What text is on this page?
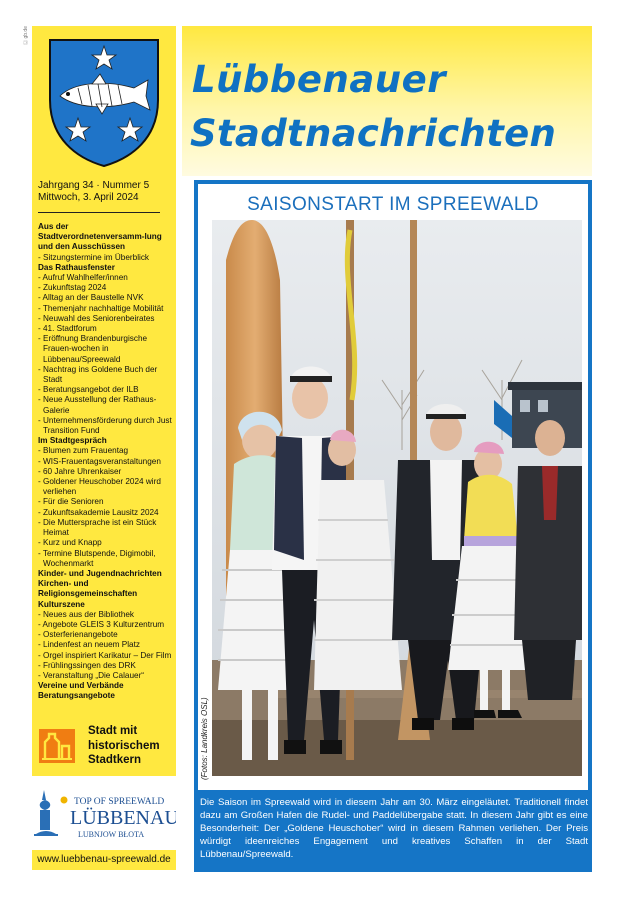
Ⓒ gb.de
Jahrgang 34 · Nummer 5
Mittwoch, 3. April 2024
Aus der Stadtverordnetenversamm-lung und den Ausschüssen
- Sitzungstermine im Überblick
Das Rathausfenster
- Aufruf Wahlhelfer/innen
- Zukunftstag 2024
- Alltag an der Baustelle NVK
- Themenjahr nachhaltige Mobilität
- Neuwahl des Seniorenbeirates
- 41. Stadtforum
- Eröffnung Brandenburgische Frauen-wochen in Lübbenau/Spreewald
- Nachtrag ins Goldene Buch der Stadt
- Beratungsangebot der ILB
- Neue Ausstellung der Rathaus-Galerie
- Unternehmensförderung durch Just Transition Fund
Im Stadtgespräch
- Blumen zum Frauentag
- WIS-Frauentagsveranstaltungen
- 60 Jahre Uhrenkaiser
- Goldener Heuschober 2024 wird verliehen
- Für die Senioren
- Zukunftsakademie Lausitz 2024
- Die Muttersprache ist ein Stück Heimat
- Kurz und Knapp
- Termine Blutspende, Digimobil, Wochenmarkt
Kinder- und Jugendnachrichten
Kirchen- und Religionsgemeinschaften
Kulturszene
- Neues aus der Bibliothek
- Angebote GLEIS 3 Kulturzentrum
- Osterferienangebote
- Lindenfest an neuem Platz
- Orgel inspiriert Karikatur – Der Film
- Frühlingssingen des DRK
- Veranstaltung „Die Calauer“
Vereine und Verbände
Beratungsangebote
Stadt mit
historischem
Stadtkern
TOP OF SPREEWALD
LÜBBENAU
LUBNJOW BŁOTA
www.luebbenau-spreewald.de
Lübbenauer
Stadtnachrichten
SAISONSTART IM SPREEWALD
(Fotos: Landkreis OSL)
Die Saison im Spreewald wird in diesem Jahr am 30. März eingeläutet. Traditionell findet dazu am Großen Hafen die Rudel- und Paddelübergabe statt. In diesem Jahr gibt es eine Besonderheit: Der „Goldene Heuschober“ wird in diesem Rahmen verliehen. Der Preis würdigt ideenreiches Engagement und kreatives Schaffen in der Stadt Lübbenau/Spreewald.
